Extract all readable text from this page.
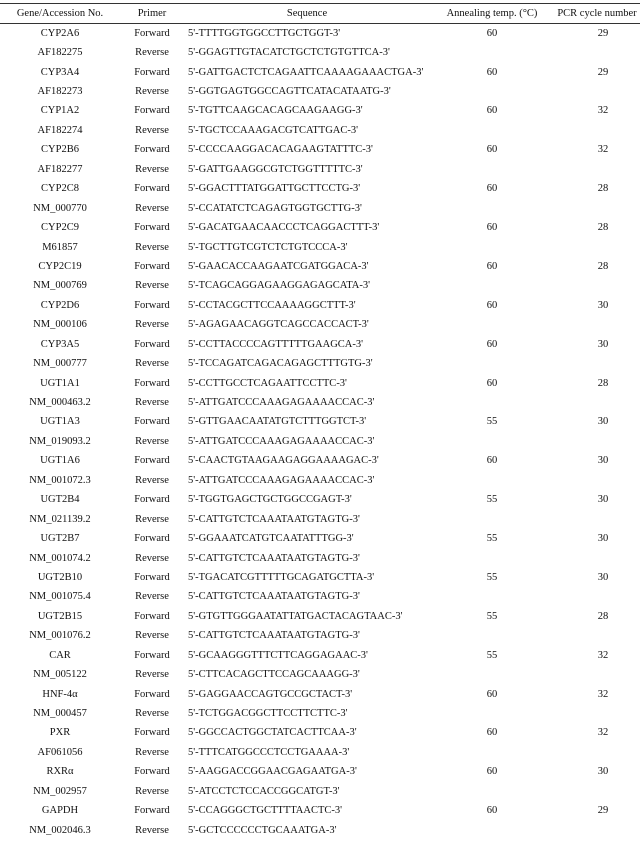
Gene/Accession No.	Primer	Sequence	Annealing temp. (°C)	PCR cycle number
CYP2A6	Forward	5'-TTTTGGTGGCCTTGCTGGT-3'	60	29
AF182275	Reverse	5'-GGAGTTGTACATCTGCTCTGTGTTCA-3'		
CYP3A4	Forward	5'-GATTGACTCTCAGAATTCAAAAGAAACTGA-3'	60	29
AF182273	Reverse	5'-GGTGAGTGGCCAGTTCATACATAATG-3'		
CYP1A2	Forward	5'-TGTTCAAGCACAGCAAGAAGG-3'	60	32
AF182274	Reverse	5'-TGCTCCAAAGACGTCATTGAC-3'		
CYP2B6	Forward	5'-CCCCAAGGACACAGAAGTATTTC-3'	60	32
AF182277	Reverse	5'-GATTGAAGGCGTCTGGTTTTTC-3'		
CYP2C8	Forward	5'-GGACTTTATGGATTGCTTCCTG-3'	60	28
NM_000770	Reverse	5'-CCATATCTCAGAGTGGTGCTTG-3'		
CYP2C9	Forward	5'-GACATGAACAACCCTCAGGACTTT-3'	60	28
M61857	Reverse	5'-TGCTTGTCGTCTCTGTCCCA-3'		
CYP2C19	Forward	5'-GAACACCAAGAATCGATGGACA-3'	60	28
NM_000769	Reverse	5'-TCAGCAGGAGAAGGAGAGCATA-3'		
CYP2D6	Forward	5'-CCTACGCTTCCAAAAGGCTTT-3'	60	30
NM_000106	Reverse	5'-AGAGAACAGGTCAGCCACCACT-3'		
CYP3A5	Forward	5'-CCTTACCCCAGTTTTTGAAGCA-3'	60	30
NM_000777	Reverse	5'-TCCAGATCAGACAGAGCTTTGTG-3'		
UGT1A1	Forward	5'-CCTTGCCTCAGAATTCCTTC-3'	60	28
NM_000463.2	Reverse	5'-ATTGATCCCAAAGAGAAAACCAC-3'		
UGT1A3	Forward	5'-GTTGAACAATATGTCTTTGGTCT-3'	55	30
NM_019093.2	Reverse	5'-ATTGATCCCAAAGAGAAAACCAC-3'		
UGT1A6	Forward	5'-CAACTGTAAGAAGAGGAAAAGAC-3'	60	30
NM_001072.3	Reverse	5'-ATTGATCCCAAAGAGAAAACCAC-3'		
UGT2B4	Forward	5'-TGGTGAGCTGCTGGCCGAGT-3'	55	30
NM_021139.2	Reverse	5'-CATTGTCTCAAATAATGTAGTG-3'		
UGT2B7	Forward	5'-GGAAATCATGTCAATATTTGG-3'	55	30
NM_001074.2	Reverse	5'-CATTGTCTCAAATAATGTAGTG-3'		
UGT2B10	Forward	5'-TGACATCGTTTTTGCAGATGCTTA-3'	55	30
NM_001075.4	Reverse	5'-CATTGTCTCAAATAATGTAGTG-3'		
UGT2B15	Forward	5'-GTGTTGGGAATATTATGACTACAGTAAC-3'	55	28
NM_001076.2	Reverse	5'-CATTGTCTCAAATAATGTAGTG-3'		
CAR	Forward	5'-GCAAGGGTTTCTTCAGGAGAAC-3'	55	32
NM_005122	Reverse	5'-CTTCACAGCTTCCAGCAAAGG-3'		
HNF-4α	Forward	5'-GAGGAACCAGTGCCGCTACT-3'	60	32
NM_000457	Reverse	5'-TCTGGACGGCTTCCTTCTTC-3'		
PXR	Forward	5'-GGCCACTGGCTATCACTTCAA-3'	60	32
AF061056	Reverse	5'-TTTCATGGCCCTCCTGAAAA-3'		
RXRα	Forward	5'-AAGGACCGGAACGAGAATGA-3'	60	30
NM_002957	Reverse	5'-ATCCTCTCCACCGGCATGT-3'		
GAPDH	Forward	5'-CCAGGGCTGCTTTTAACTC-3'	60	29
NM_002046.3	Reverse	5'-GCTCCCCCCTGCAAATGA-3'		
